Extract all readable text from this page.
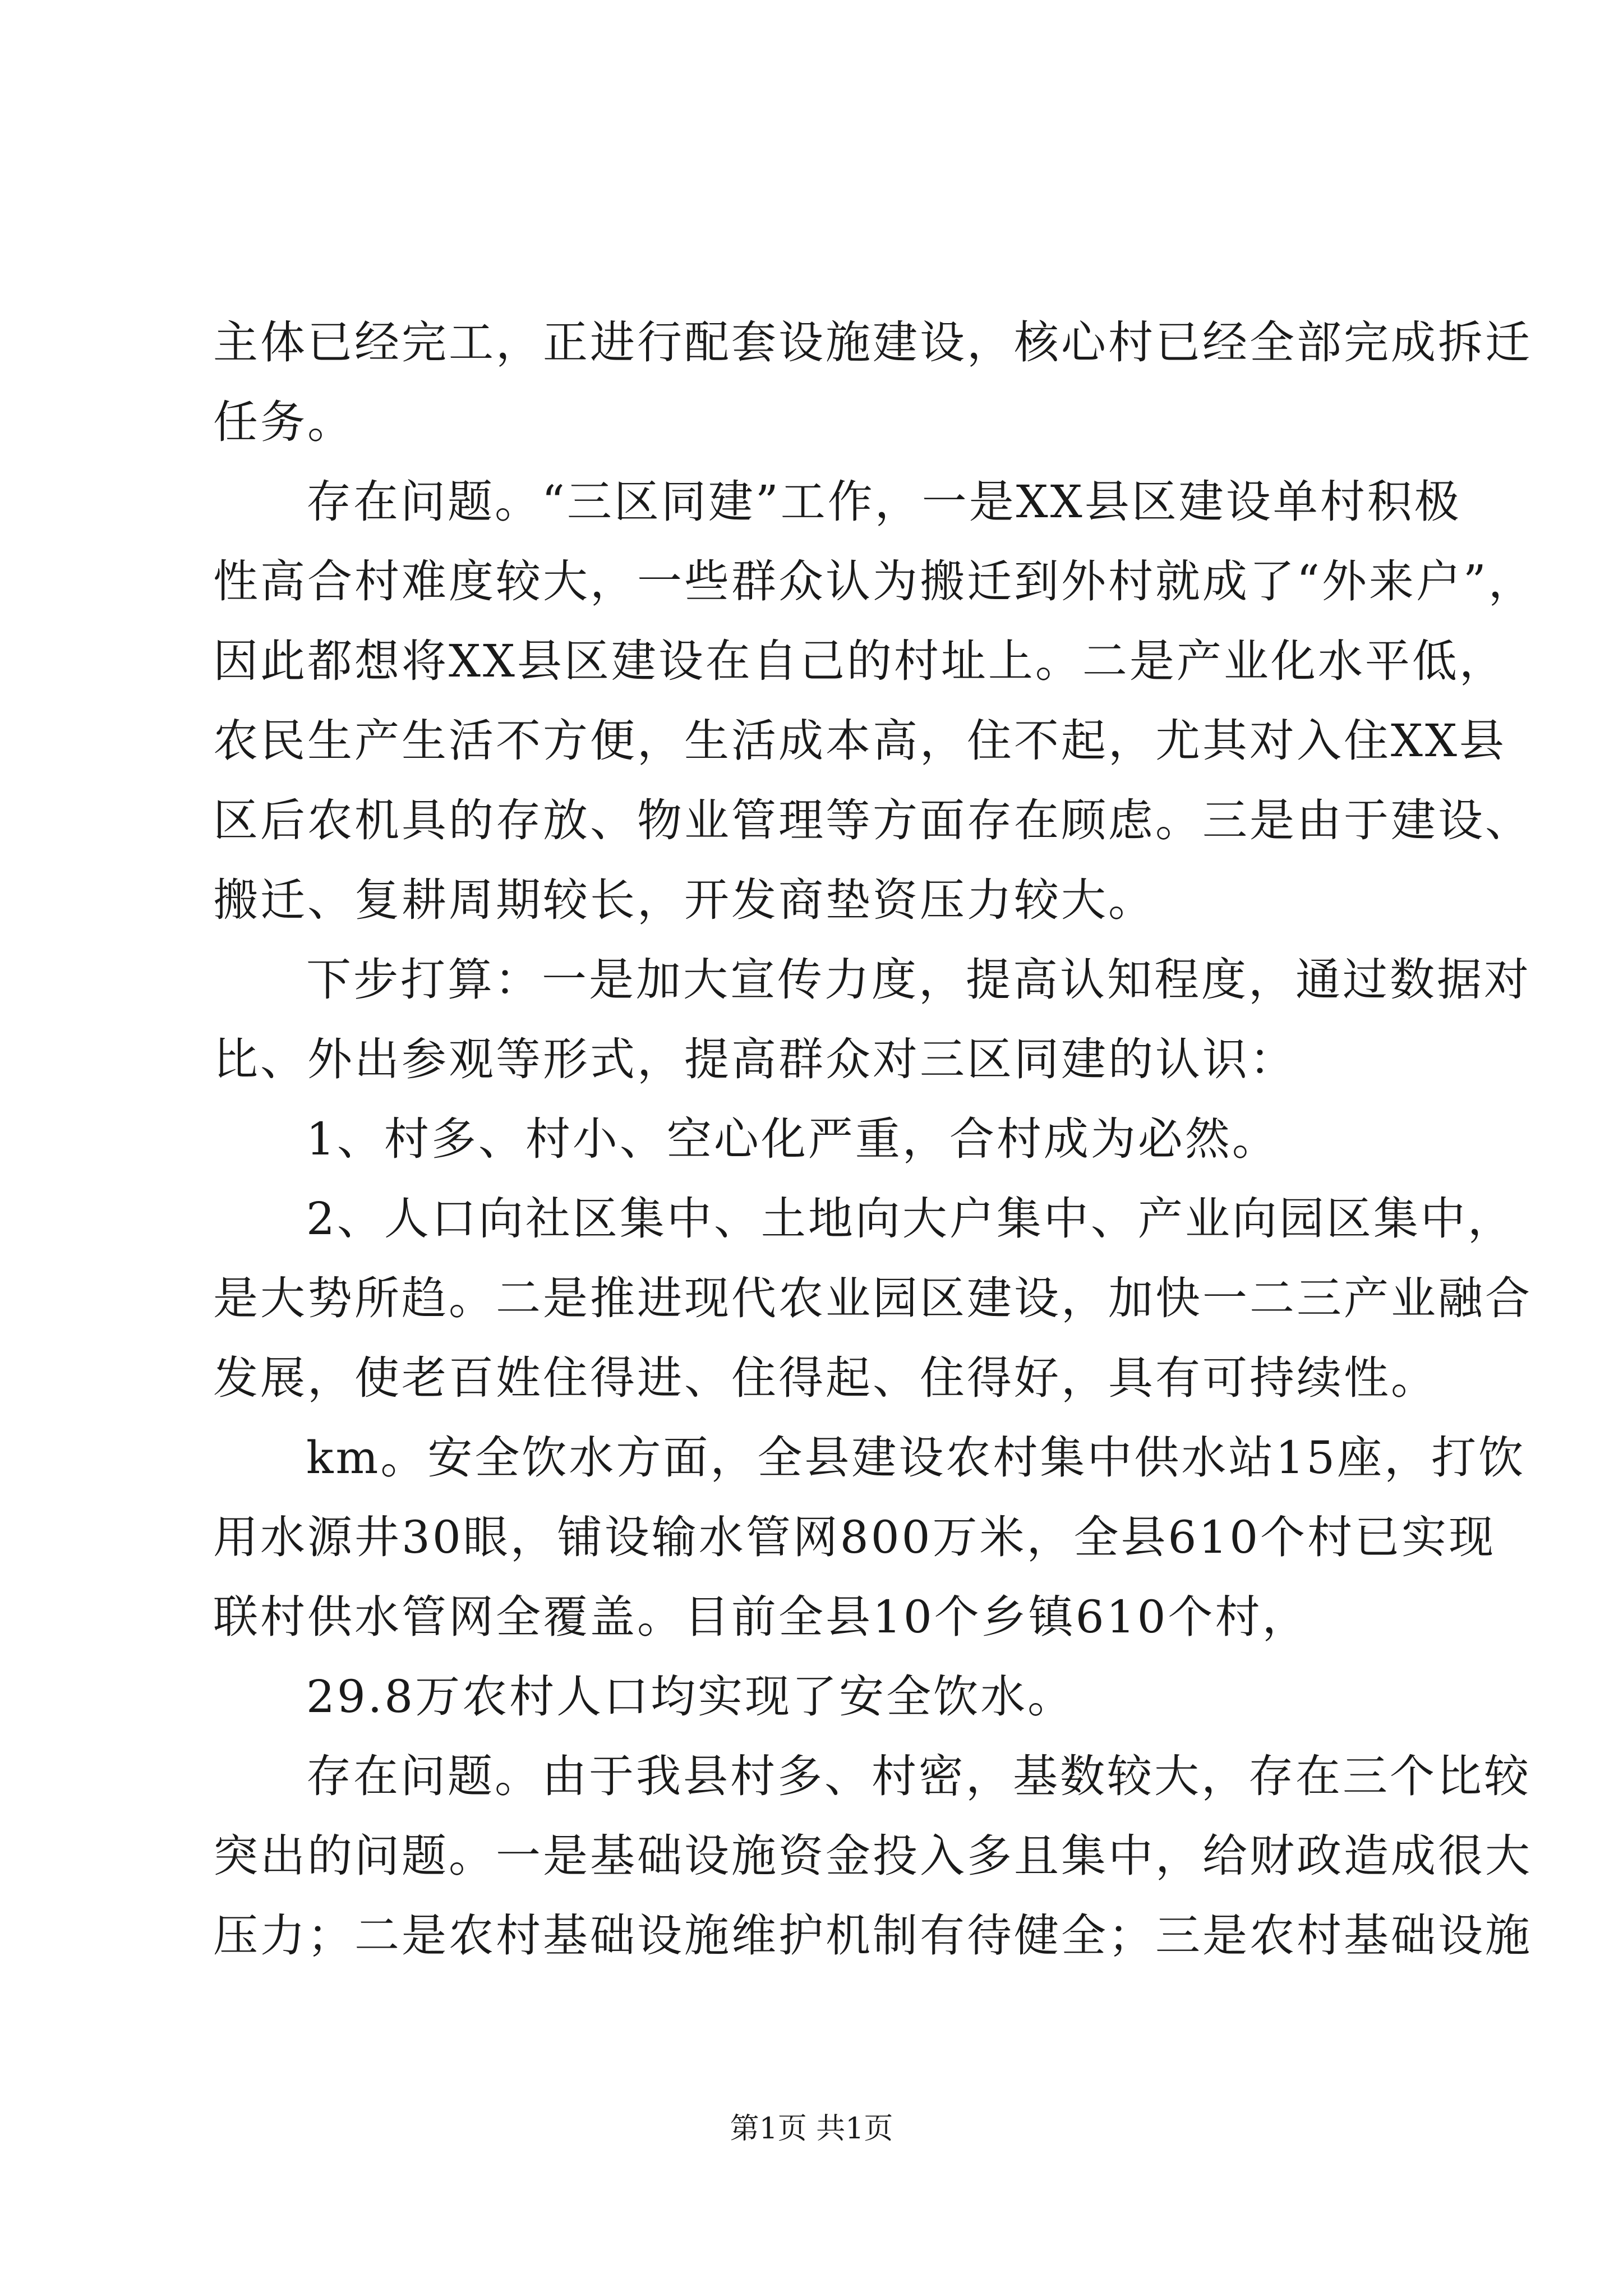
主体已经完工，正进行配套设施建设，核心村已经全部完成拆迁
任务。
存在问题。“三区同建”工作，一是XX县区建设单村积极
性高合村难度较大，一些群众认为搬迁到外村就成了“外来户”，
因此都想将XX县区建设在自己的村址上。二是产业化水平低，
农民生产生活不方便，生活成本高，住不起，尤其对入住XX县
区后农机具的存放、物业管理等方面存在顾虑。三是由于建设、
搬迁、复耕周期较长，开发商垫资压力较大。
下步打算：一是加大宣传力度，提高认知程度，通过数据对
比、外出参观等形式，提高群众对三区同建的认识：
1、村多、村小、空心化严重，合村成为必然。
2、人口向社区集中、土地向大户集中、产业向园区集中，
是大势所趋。二是推进现代农业园区建设，加快一二三产业融合
发展，使老百姓住得进、住得起、住得好，具有可持续性。
km。安全饮水方面，全县建设农村集中供水站15座，打饮
用水源井30眼，铺设输水管网800万米，全县610个村已实现
联村供水管网全覆盖。目前全县10个乡镇610个村，
29.8万农村人口均实现了安全饮水。
存在问题。由于我县村多、村密，基数较大，存在三个比较
突出的问题。一是基础设施资金投入多且集中，给财政造成很大
压力；二是农村基础设施维护机制有待健全；三是农村基础设施
第1页 共1页
